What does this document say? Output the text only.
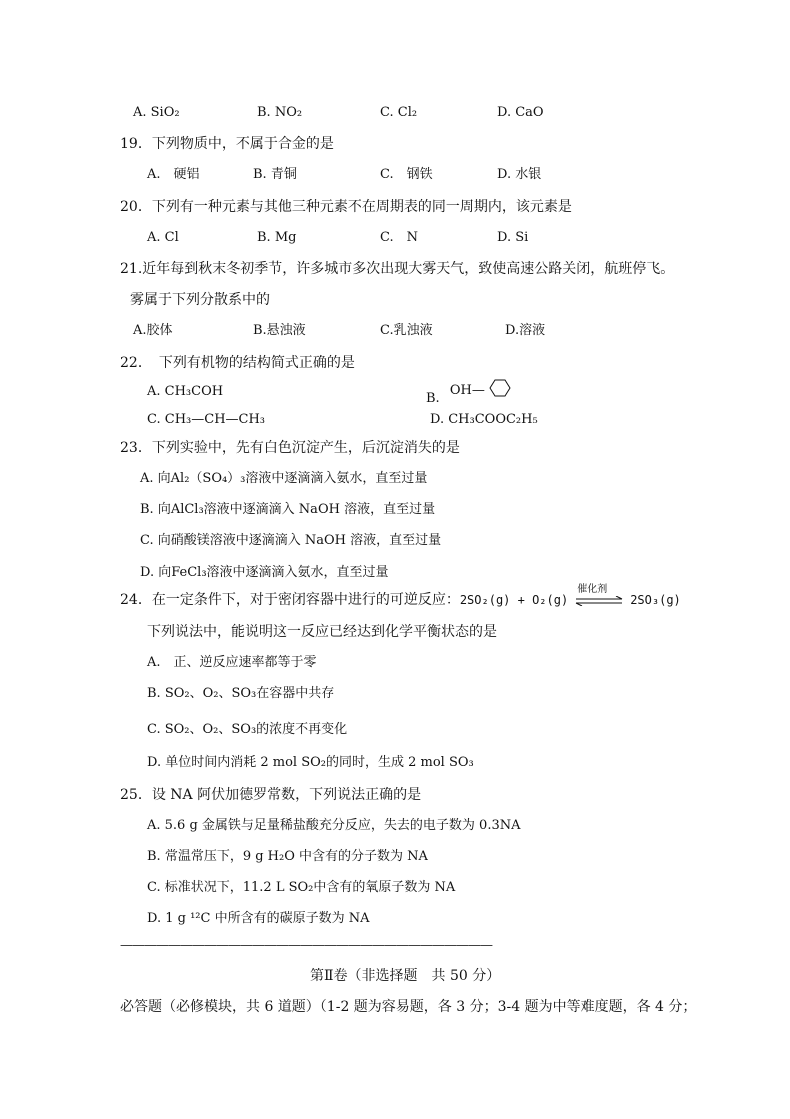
A. SiO₂	B. NO₂	C. Cl₂	D. CaO
19．下列物质中，不属于合金的是
A.　硬铝	B. 青铜	C.　钢铁	D. 水银
20．下列有一种元素与其他三种元素不在周期表的同一周期内，该元素是
A. Cl	B. Mg	C.　N	D. Si
21.近年每到秋末冬初季节，许多城市多次出现大雾天气，致使高速公路关闭，航班停飞。
雾属于下列分散系中的
A.胶体	B.悬浊液	C.乳浊液	D.溶液
22．　下列有机物的结构简式正确的是
A. CH₃COH	B. OH—
C. CH₃—CH—CH₃	D. CH₃COOC₂H₅
23．下列实验中，先有白色沉淀产生，后沉淀消失的是
A. 向Al₂（SO₄）₃溶液中逐滴滴入氨水，直至过量
B. 向AlCl₃溶液中逐滴滴入 NaOH 溶液，直至过量
C. 向硝酸镁溶液中逐滴滴入 NaOH 溶液，直至过量
D. 向FeCl₃溶液中逐滴滴入氨水，直至过量
24．在一定条件下，对于密闭容器中进行的可逆反应：2SO₂(g) + O₂(g)
催化剂
2SO₃(g)
下列说法中，能说明这一反应已经达到化学平衡状态的是
A.　正、逆反应速率都等于零
B. SO₂、O₂、SO₃在容器中共存
C. SO₂、O₂、SO₃的浓度不再变化
D. 单位时间内消耗 2 mol SO₂的同时，生成 2 mol SO₃
25．设 NA 阿伏加德罗常数，下列说法正确的是
A. 5.6 g 金属铁与足量稀盐酸充分反应，失去的电子数为 0.3NA
B. 常温常压下，9 g H₂O 中含有的分子数为 NA
C. 标准状况下，11.2 L SO₂中含有的氧原子数为 NA
D. 1 g ¹²C 中所含有的碳原子数为 NA
———————————————————————————————
第Ⅱ卷（非选择题　共 50 分）
必答题（必修模块，共 6 道题）（1-2 题为容易题，各 3 分；3-4 题为中等难度题，各 4 分；
